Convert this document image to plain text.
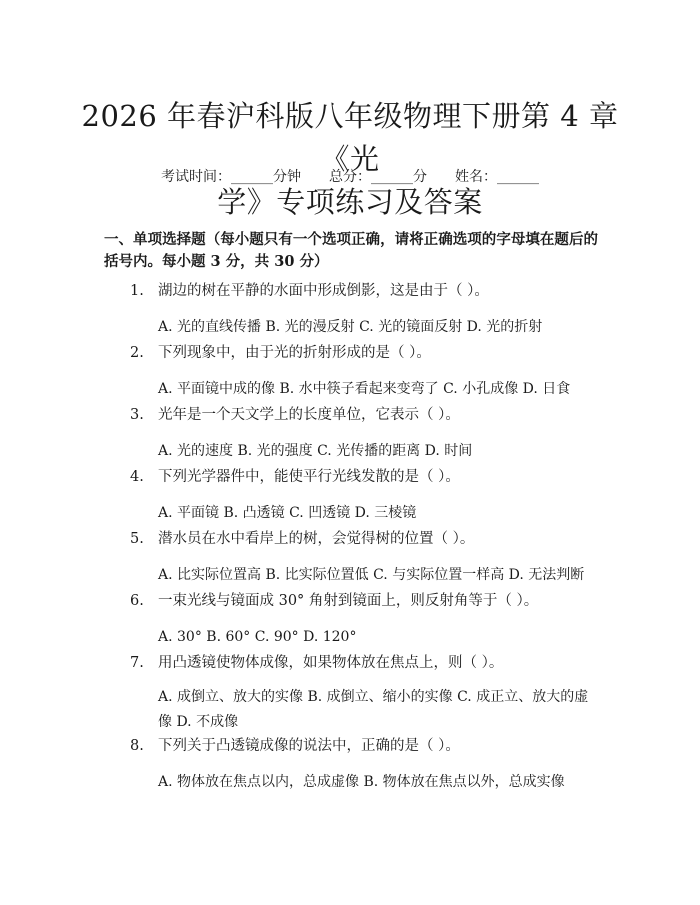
2026 年春沪科版八年级物理下册第 4 章《光
学》专项练习及答案
考试时间：______分钟 总分：______分 姓名：______
一、单项选择题（每小题只有一个选项正确，请将正确选项的字母填在题后的括号内。每小题 3 分，共 30 分）
1. 湖边的树在平静的水面中形成倒影，这是由于（ ）。
A. 光的直线传播 B. 光的漫反射 C. 光的镜面反射 D. 光的折射
2. 下列现象中，由于光的折射形成的是（ ）。
A. 平面镜中成的像 B. 水中筷子看起来变弯了 C. 小孔成像 D. 日食
3. 光年是一个天文学上的长度单位，它表示（ ）。
A. 光的速度 B. 光的强度 C. 光传播的距离 D. 时间
4. 下列光学器件中，能使平行光线发散的是（ ）。
A. 平面镜 B. 凸透镜 C. 凹透镜 D. 三棱镜
5. 潜水员在水中看岸上的树，会觉得树的位置（ ）。
A. 比实际位置高 B. 比实际位置低 C. 与实际位置一样高 D. 无法判断
6. 一束光线与镜面成 30° 角射到镜面上，则反射角等于（ ）。
A. 30° B. 60° C. 90° D. 120°
7. 用凸透镜使物体成像，如果物体放在焦点上，则（ ）。
A. 成倒立、放大的实像 B. 成倒立、缩小的实像 C. 成正立、放大的虚像 D. 不成像
8. 下列关于凸透镜成像的说法中，正确的是（ ）。
A. 物体放在焦点以内，总成虚像 B. 物体放在焦点以外，总成实像
